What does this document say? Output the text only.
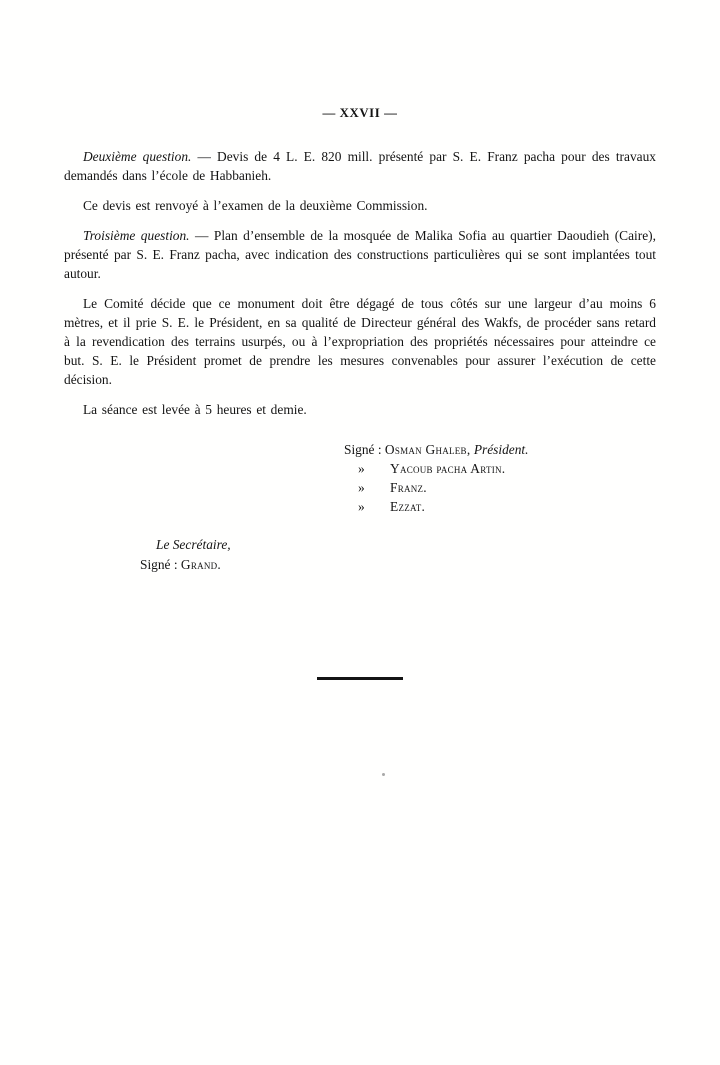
— XXVII —

Deuxième question. — Devis de 4 L. E. 820 mill. présenté par S. E. Franz pacha pour des travaux demandés dans l’école de Habbanieh.

Ce devis est renvoyé à l’examen de la deuxième Commission.

Troisième question. — Plan d’ensemble de la mosquée de Malika Sofia au quartier Daoudieh (Caire), présenté par S. E. Franz pacha, avec indication des constructions particulières qui se sont implantées tout autour.

Le Comité décide que ce monument doit être dégagé de tous côtés sur une largeur d’au moins 6 mètres, et il prie S. E. le Président, en sa qualité de Directeur général des Wakfs, de procéder sans retard à la revendication des terrains usurpés, ou à l’expropriation des propriétés nécessaires pour atteindre ce but. S. E. le Président promet de prendre les mesures convenables pour assurer l’exécution de cette décision.

La séance est levée à 5 heures et demie.

Signé : Osman Ghaleb, Président.
» Yacoub pacha Artin.
» Franz.
» Ezzat.
Le Secrétaire,
Signé : Grand.
